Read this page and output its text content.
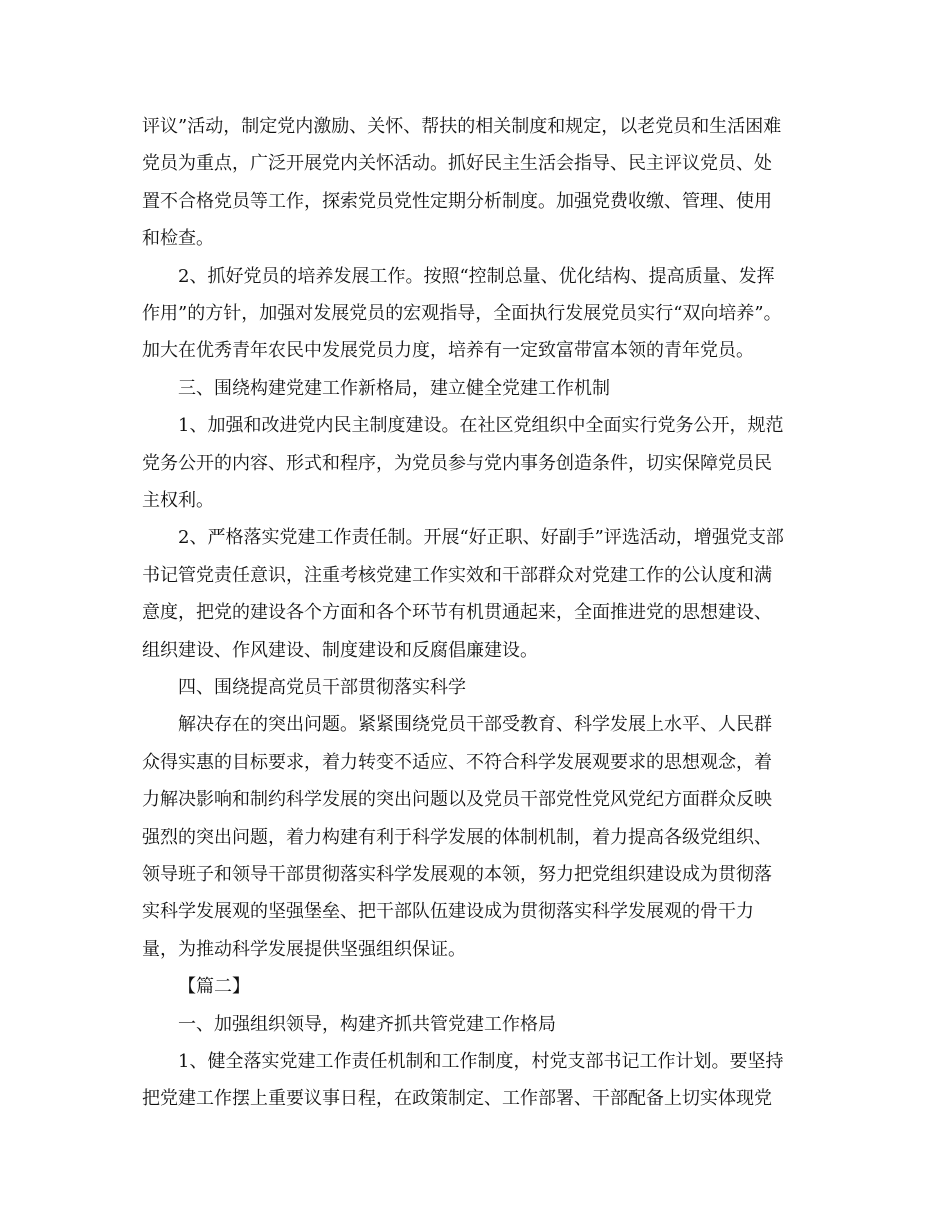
评议”活动，制定党内激励、关怀、帮扶的相关制度和规定，以老党员和生活困难

党员为重点，广泛开展党内关怀活动。抓好民主生活会指导、民主评议党员、处

置不合格党员等工作，探索党员党性定期分析制度。加强党费收缴、管理、使用

和检查。

2、抓好党员的培养发展工作。按照“控制总量、优化结构、提高质量、发挥

作用”的方针，加强对发展党员的宏观指导，全面执行发展党员实行“双向培养”。

加大在优秀青年农民中发展党员力度，培养有一定致富带富本领的青年党员。

三、围绕构建党建工作新格局，建立健全党建工作机制

1、加强和改进党内民主制度建设。在社区党组织中全面实行党务公开，规范

党务公开的内容、形式和程序，为党员参与党内事务创造条件，切实保障党员民

主权利。

2、严格落实党建工作责任制。开展“好正职、好副手”评选活动，增强党支部

书记管党责任意识，注重考核党建工作实效和干部群众对党建工作的公认度和满

意度，把党的建设各个方面和各个环节有机贯通起来，全面推进党的思想建设、

组织建设、作风建设、制度建设和反腐倡廉建设。

四、围绕提高党员干部贯彻落实科学

解决存在的突出问题。紧紧围绕党员干部受教育、科学发展上水平、人民群

众得实惠的目标要求，着力转变不适应、不符合科学发展观要求的思想观念，着

力解决影响和制约科学发展的突出问题以及党员干部党性党风党纪方面群众反映

强烈的突出问题，着力构建有利于科学发展的体制机制，着力提高各级党组织、

领导班子和领导干部贯彻落实科学发展观的本领，努力把党组织建设成为贯彻落

实科学发展观的坚强堡垒、把干部队伍建设成为贯彻落实科学发展观的骨干力

量，为推动科学发展提供坚强组织保证。

【篇二】

一、加强组织领导，构建齐抓共管党建工作格局

1、健全落实党建工作责任机制和工作制度，村党支部书记工作计划。要坚持

把党建工作摆上重要议事日程，在政策制定、工作部署、干部配备上切实体现党
